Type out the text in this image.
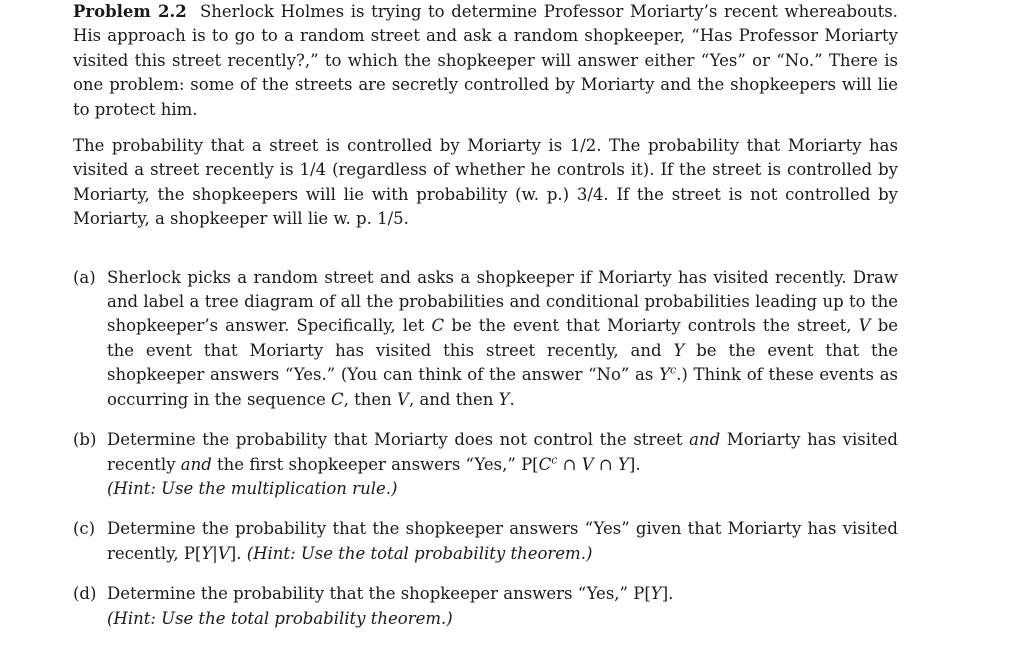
Problem 2.2 Sherlock Holmes is trying to determine Professor Moriarty’s recent whereabouts. His approach is to go to a random street and ask a random shopkeeper, “Has Professor Moriarty visited this street recently?,” to which the shopkeeper will answer either “Yes” or “No.” There is one problem: some of the streets are secretly controlled by Moriarty and the shopkeepers will lie to protect him.

The probability that a street is controlled by Moriarty is 1/2. The probability that Moriarty has visited a street recently is 1/4 (regardless of whether he controls it). If the street is controlled by Moriarty, the shopkeepers will lie with probability (w. p.) 3/4. If the street is not controlled by Moriarty, a shopkeeper will lie w. p. 1/5.

(a) Sherlock picks a random street and asks a shopkeeper if Moriarty has visited recently. Draw and label a tree diagram of all the probabilities and conditional probabilities leading up to the shopkeeper’s answer. Specifically, let C be the event that Moriarty controls the street, V be the event that Moriarty has visited this street recently, and Y be the event that the shopkeeper answers “Yes.” (You can think of the answer “No” as $Y^c$.) Think of these events as occurring in the sequence C, then V, and then Y.
(b) Determine the probability that Moriarty does not control the street and Moriarty has visited recently and the first shopkeeper answers “Yes,” $P[C^c$ ∩ V ∩ Y].
(Hint: Use the multiplication rule.)
(c) Determine the probability that the shopkeeper answers “Yes” given that Moriarty has visited recently, P[Y|V]. (Hint: Use the total probability theorem.)
(d) Determine the probability that the shopkeeper answers “Yes,” P[Y].
(Hint: Use the total probability theorem.)
